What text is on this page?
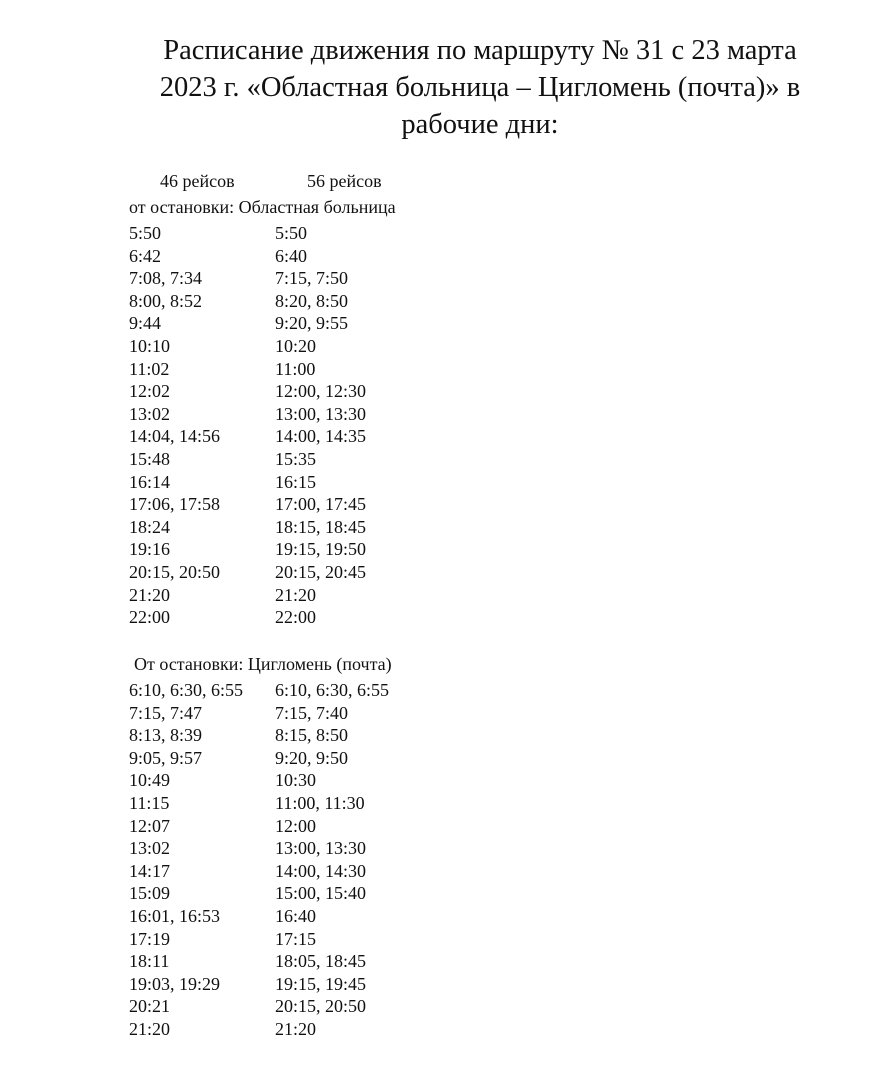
Расписание движения по маршруту № 31 с 23 марта
2023 г. «Областная больница – Цигломень (почта)» в
рабочие дни:
46 рейсов	56 рейсов
от остановки: Областная больница
5:50	5:50
6:42	6:40
7:08, 7:34	7:15, 7:50
8:00, 8:52	8:20, 8:50
9:44	9:20, 9:55
10:10	10:20
11:02	11:00
12:02	12:00, 12:30
13:02	13:00, 13:30
14:04, 14:56	14:00, 14:35
15:48	15:35
16:14	16:15
17:06, 17:58	17:00, 17:45
18:24	18:15, 18:45
19:16	19:15, 19:50
20:15, 20:50	20:15, 20:45
21:20	21:20
22:00	22:00
От остановки: Цигломень (почта)
6:10, 6:30, 6:55 6:10, 6:30, 6:55
7:15, 7:47	7:15, 7:40
8:13, 8:39	8:15, 8:50
9:05, 9:57	9:20, 9:50
10:49	10:30
11:15	11:00, 11:30
12:07	12:00
13:02	13:00, 13:30
14:17	14:00, 14:30
15:09	15:00, 15:40
16:01, 16:53	16:40
17:19	17:15
18:11	18:05, 18:45
19:03, 19:29	19:15, 19:45
20:21	20:15, 20:50
21:20	21:20
